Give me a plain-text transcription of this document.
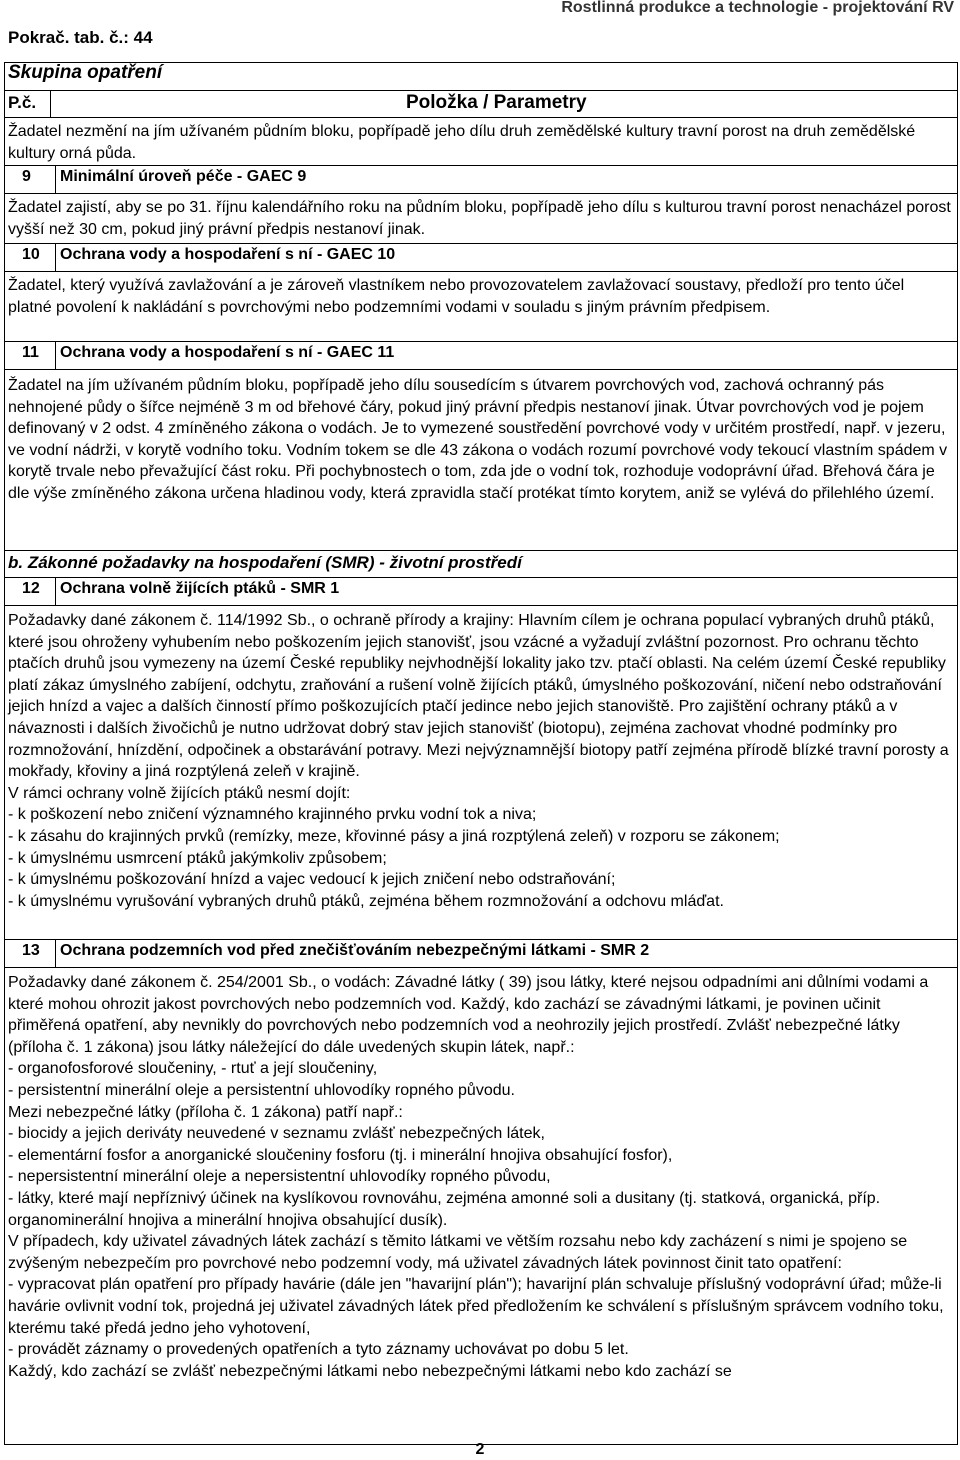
Rostlinná produkce a technologie - projektování RV
Pokrač. tab. č.: 44
Skupina opatření
P.č.	Položka / Parametry
Žadatel nezmění na jím užívaném půdním bloku, popřípadě jeho dílu druh zemědělské kultury travní porost na druh zemědělské kultury orná půda.
9 Minimální úroveň péče - GAEC 9
Žadatel zajistí, aby se po 31. říjnu kalendářního roku na půdním bloku, popřípadě jeho dílu s kulturou travní porost nenacházel porost vyšší než 30 cm, pokud jiný právní předpis nestanoví jinak.
10 Ochrana vody a hospodaření s ní - GAEC 10
Žadatel, který využívá zavlažování a je zároveň vlastníkem nebo provozovatelem zavlažovací soustavy, předloží pro tento účel platné povolení k nakládání s povrchovými nebo podzemními vodami v souladu s jiným právním předpisem.
11 Ochrana vody a hospodaření s ní - GAEC 11
Žadatel na jím užívaném půdním bloku, popřípadě jeho dílu sousedícím s útvarem povrchových vod, zachová ochranný pás nehnojené půdy o šířce nejméně 3 m od břehové čáry, pokud jiný právní předpis nestanoví jinak. Útvar povrchových vod je pojem definovaný v 2 odst. 4 zmíněného zákona o vodách. Je to vymezené soustředění povrchové vody v určitém prostředí, např. v jezeru, ve vodní nádrži, v korytě vodního toku. Vodním tokem se dle 43 zákona o vodách rozumí povrchové vody tekoucí vlastním spádem v korytě trvale nebo převažující část roku. Při pochybnostech o tom, zda jde o vodní tok, rozhoduje vodoprávní úřad. Břehová čára je dle výše zmíněného zákona určena hladinou vody, která zpravidla stačí protékat tímto korytem, aniž se vylévá do přilehlého území.
b. Zákonné požadavky na hospodaření (SMR) - životní prostředí
12 Ochrana volně žijících ptáků - SMR 1
Požadavky dané zákonem č. 114/1992 Sb., o ochraně přírody a krajiny: Hlavním cílem je ochrana populací vybraných druhů ptáků, které jsou ohroženy vyhubením nebo poškozením jejich stanovišť, jsou vzácné a vyžadují zvláštní pozornost. Pro ochranu těchto ptačích druhů jsou vymezeny na území České republiky nejvhodnější lokality jako tzv. ptačí oblasti. Na celém území České republiky platí zákaz úmyslného zabíjení, odchytu, zraňování a rušení volně žijících ptáků, úmyslného poškozování, ničení nebo odstraňování jejich hnízd a vajec a dalších činností přímo poškozujících ptačí jedince nebo jejich stanoviště. Pro zajištění ochrany ptáků a v návaznosti i dalších živočichů je nutno udržovat dobrý stav jejich stanovišť (biotopu), zejména zachovat vhodné podmínky pro rozmnožování, hnízdění, odpočinek a obstarávání potravy. Mezi nejvýznamnější biotopy patří zejména přírodě blízké travní porosty a mokřady, křoviny a jiná rozptýlená zeleň v krajině.
V rámci ochrany volně žijících ptáků nesmí dojít:
- k poškození nebo zničení významného krajinného prvku vodní tok a niva;
- k zásahu do krajinných prvků (remízky, meze, křovinné pásy a jiná rozptýlená zeleň) v rozporu se zákonem;
- k úmyslnému usmrcení ptáků jakýmkoliv způsobem;
- k úmyslnému poškozování hnízd a vajec vedoucí k jejich zničení nebo odstraňování;
- k úmyslnému vyrušování vybraných druhů ptáků, zejména během rozmnožování a odchovu mláďat.
13 Ochrana podzemních vod před znečišťováním nebezpečnými látkami - SMR 2
Požadavky dané zákonem č. 254/2001 Sb., o vodách: Závadné látky ( 39) jsou látky, které nejsou odpadními ani důlními vodami a které mohou ohrozit jakost povrchových nebo podzemních vod. Každý, kdo zachází se závadnými látkami, je povinen učinit přiměřená opatření, aby nevnikly do povrchových nebo podzemních vod a neohrozily jejich prostředí. Zvlášť nebezpečné látky (příloha č. 1 zákona) jsou látky náležející do dále uvedených skupin látek, např.:
- organofosforové sloučeniny, - rtuť a její sloučeniny,
- persistentní minerální oleje a persistentní uhlovodíky ropného původu.
Mezi nebezpečné látky (příloha č. 1 zákona) patří např.:
- biocidy a jejich deriváty neuvedené v seznamu zvlášť nebezpečných látek,
- elementární fosfor a anorganické sloučeniny fosforu (tj. i minerální hnojiva obsahující fosfor),
- nepersistentní minerální oleje a nepersistentní uhlovodíky ropného původu,
- látky, které mají nepříznivý účinek na kyslíkovou rovnováhu, zejména amonné soli a dusitany (tj. statková, organická, příp. organominerální hnojiva a minerální hnojiva obsahující dusík).
V případech, kdy uživatel závadných látek zachází s těmito látkami ve větším rozsahu nebo kdy zacházení s nimi je spojeno se zvýšeným nebezpečím pro povrchové nebo podzemní vody, má uživatel závadných látek povinnost činit tato opatření:
- vypracovat plán opatření pro případy havárie (dále jen "havarijní plán"); havarijní plán schvaluje příslušný vodoprávní úřad; může-li havárie ovlivnit vodní tok, projedná jej uživatel závadných látek před předložením ke schválení s příslušným správcem vodního toku, kterému také předá jedno jeho vyhotovení,
- provádět záznamy o provedených opatřeních a tyto záznamy uchovávat po dobu 5 let.
Každý, kdo zachází se zvlášť nebezpečnými látkami nebo nebezpečnými látkami nebo kdo zachází se
2
